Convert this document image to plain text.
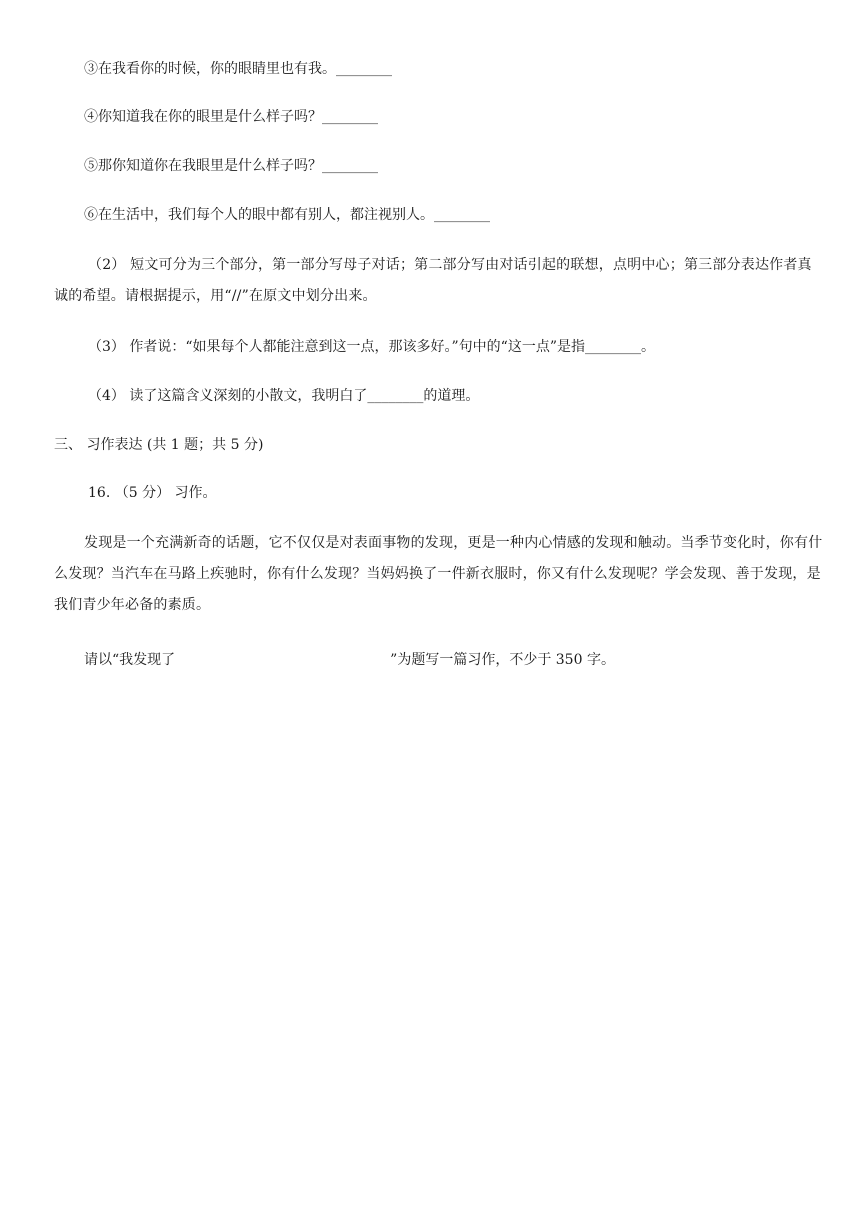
③在我看你的时候，你的眼睛里也有我。________
④你知道我在你的眼里是什么样子吗？________
⑤那你知道你在我眼里是什么样子吗？________
⑥在生活中，我们每个人的眼中都有别人，都注视别人。________
（2） 短文可分为三个部分，第一部分写母子对话；第二部分写由对话引起的联想，点明中心；第三部分表达作者真诚的希望。请根据提示，用“//”在原文中划分出来。
（3） 作者说：“如果每个人都能注意到这一点，那该多好。”句中的“这一点”是指________。
（4） 读了这篇含义深刻的小散文，我明白了________的道理。
三、 习作表达 (共 1 题；共 5 分)
16. （5 分） 习作。
发现是一个充满新奇的话题，它不仅仅是对表面事物的发现，更是一种内心情感的发现和触动。当季节变化时，你有什么发现？当汽车在马路上疾驰时，你有什么发现？当妈妈换了一件新衣服时，你又有什么发现呢？学会发现、善于发现，是我们青少年必备的素质。
请以“我发现了	”为题写一篇习作，不少于 350 字。
